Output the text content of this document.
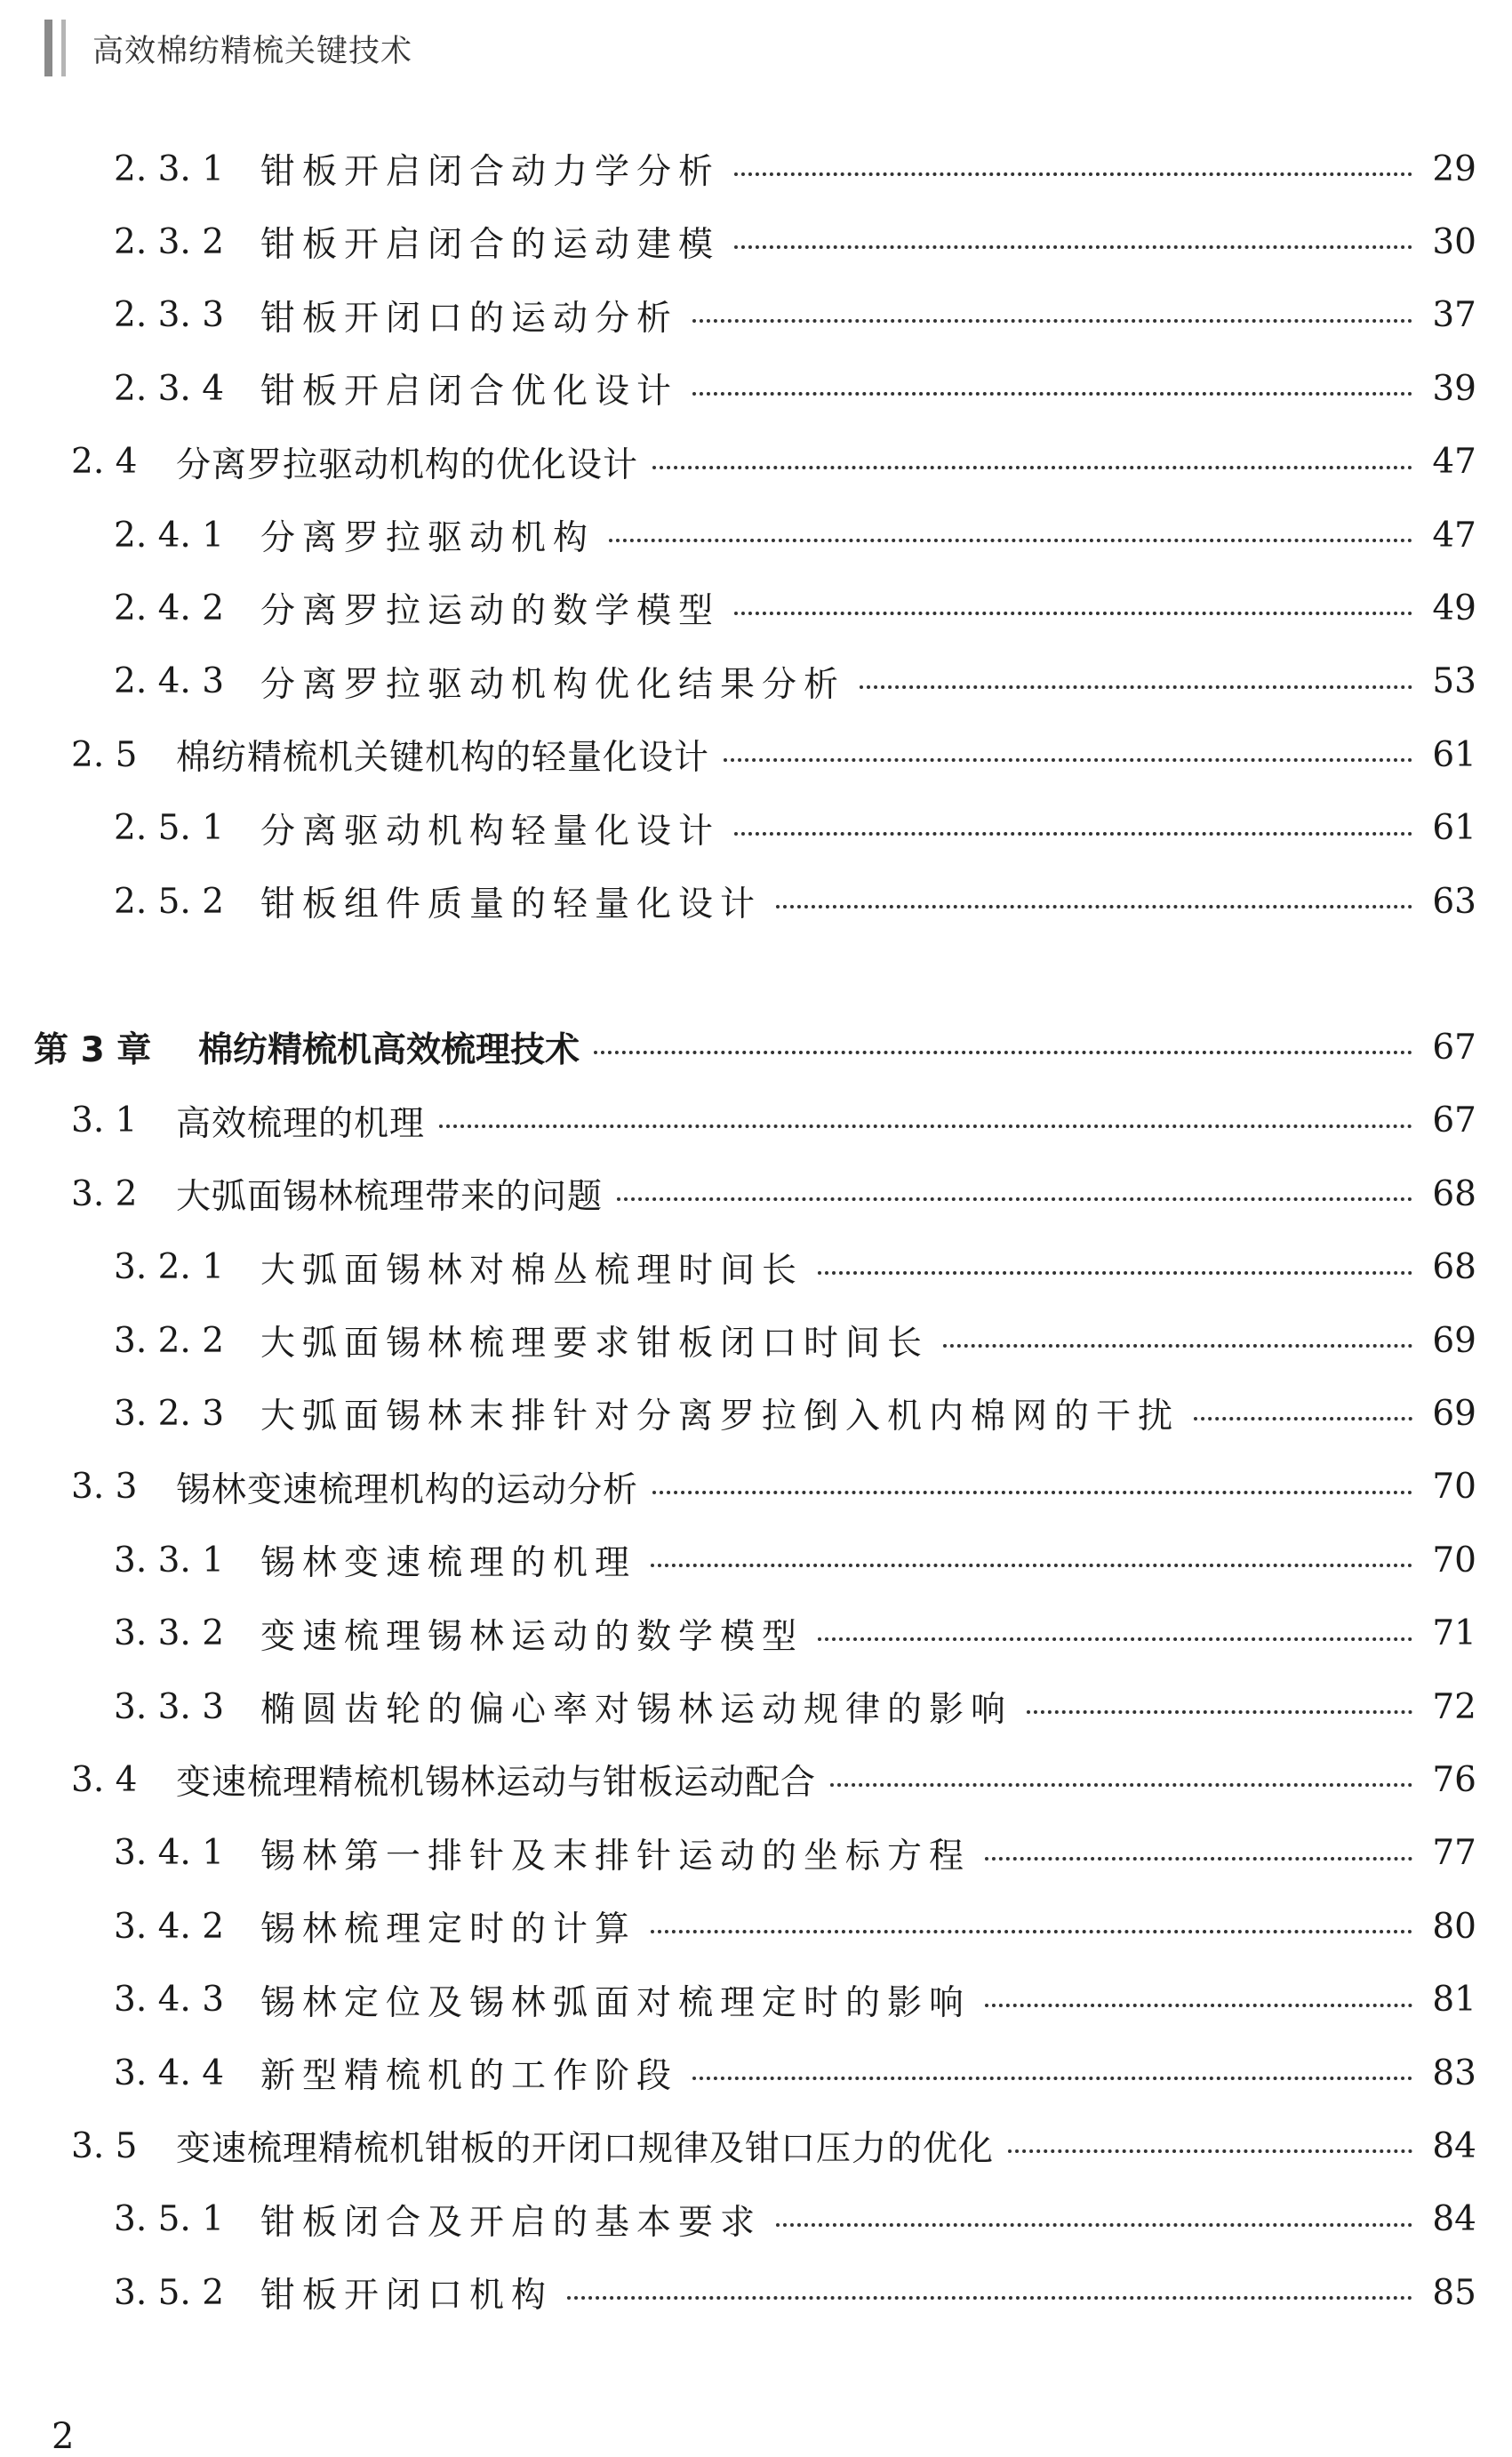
高效棉纺精梳关键技术
2. 3. 1	钳板开启闭合动力学分析	29
2. 3. 2	钳板开启闭合的运动建模	30
2. 3. 3	钳板开闭口的运动分析	37
2. 3. 4	钳板开启闭合优化设计	39
2. 4	分离罗拉驱动机构的优化设计	47
2. 4. 1	分离罗拉驱动机构	47
2. 4. 2	分离罗拉运动的数学模型	49
2. 4. 3	分离罗拉驱动机构优化结果分析	53
2. 5	棉纺精梳机关键机构的轻量化设计	61
2. 5. 1	分离驱动机构轻量化设计	61
2. 5. 2	钳板组件质量的轻量化设计	63
第 3 章	棉纺精梳机高效梳理技术	67
3. 1	高效梳理的机理	67
3. 2	大弧面锡林梳理带来的问题	68
3. 2. 1	大弧面锡林对棉丛梳理时间长	68
3. 2. 2	大弧面锡林梳理要求钳板闭口时间长	69
3. 2. 3	大弧面锡林末排针对分离罗拉倒入机内棉网的干扰	69
3. 3	锡林变速梳理机构的运动分析	70
3. 3. 1	锡林变速梳理的机理	70
3. 3. 2	变速梳理锡林运动的数学模型	71
3. 3. 3	椭圆齿轮的偏心率对锡林运动规律的影响	72
3. 4	变速梳理精梳机锡林运动与钳板运动配合	76
3. 4. 1	锡林第一排针及末排针运动的坐标方程	77
3. 4. 2	锡林梳理定时的计算	80
3. 4. 3	锡林定位及锡林弧面对梳理定时的影响	81
3. 4. 4	新型精梳机的工作阶段	83
3. 5	变速梳理精梳机钳板的开闭口规律及钳口压力的优化	84
3. 5. 1	钳板闭合及开启的基本要求	84
3. 5. 2	钳板开闭口机构	85
2
